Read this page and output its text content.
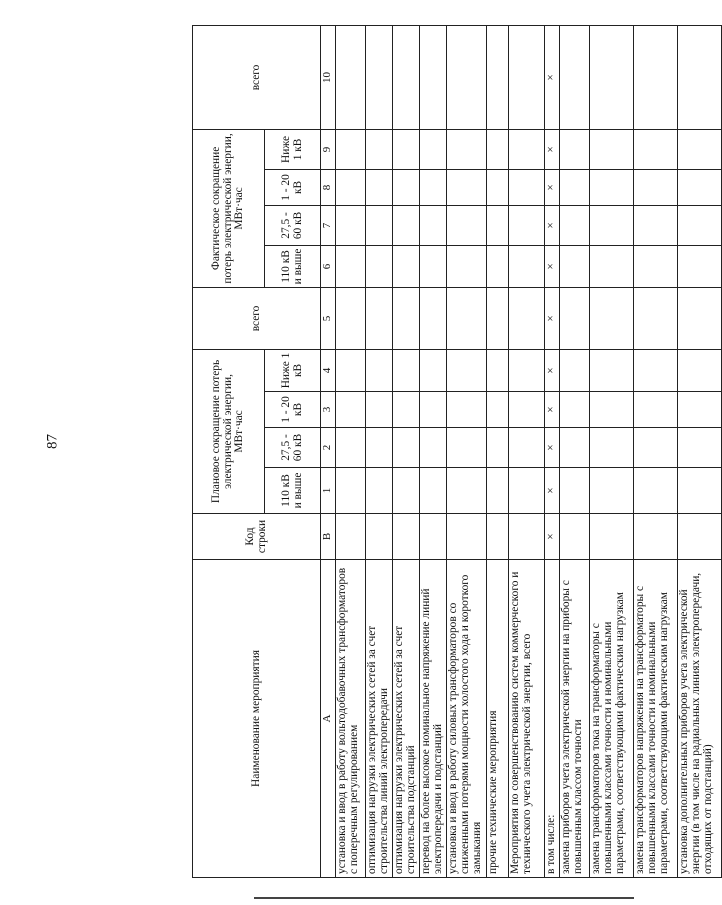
87
Наименование мероприятия	Код строки	Плановое сокращение потерь электрической энергии, МВт·час				всего	Фактическое сокращение потерь электрической энергии, МВт·час				всего
		110 кВ и выше	27,5 - 60 кВ	1 - 20 кВ	Ниже 1 кВ		110 кВ и выше	27,5 - 60 кВ	1 - 20 кВ	Ниже 1 кВ	
А	В	1	2	3	4	5	6	7	8	9	10
установка и ввод в работу вольтодобавочных трансформаторов с поперечным регулированием											
оптимизация нагрузки электрических сетей за счет строительства линий электропередачи											
оптимизация нагрузки электрических сетей за счет строительства подстанций											
перевод на более высокое номинальное напряжение линий электропередачи и подстанций											
установка и ввод в работу силовых трансформаторов со сниженными потерями мощности холостого хода и короткого замыкания											
прочие технические мероприятия											
Мероприятия по совершенствованию систем коммерческого и технического учета электрической энергии, всего											
в том числе:	×	×	×	×	×	×	×	×	×	×	×
замена приборов учета электрической энергии на приборы с повышенным классом точности											
замена трансформаторов тока на трансформаторы с повышенными классами точности и номинальными параметрами, соответствующими фактическим нагрузкам											
замена трансформаторов напряжения на трансформаторы с повышенными классами точности и номинальными параметрами, соответствующими фактическим нагрузкам											
установка дополнительных приборов учета электрической энергии (в том числе на радиальных линиях электропередачи, отходящих от подстанций)											
